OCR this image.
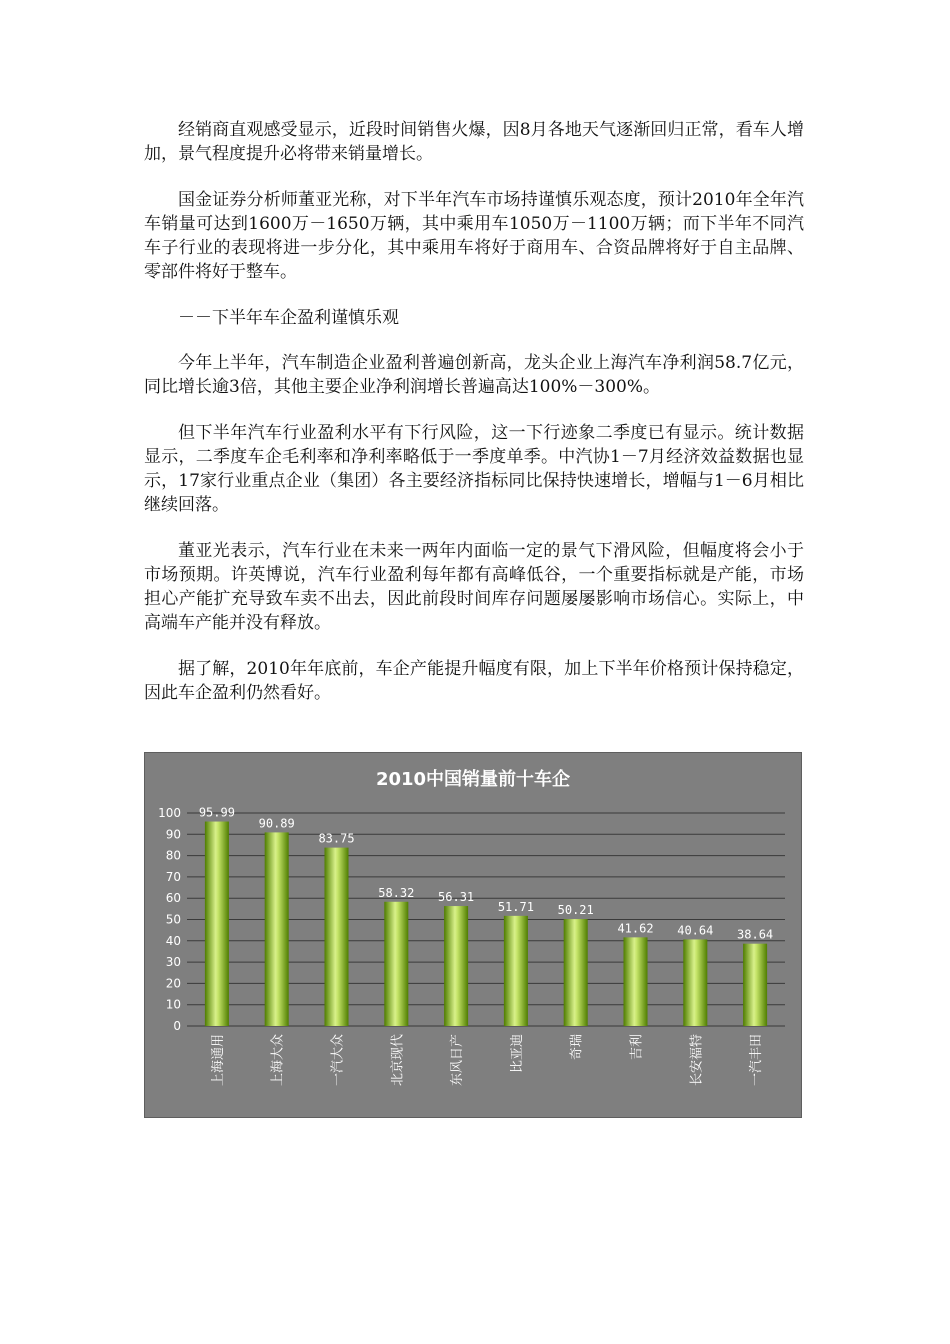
经销商直观感受显示，近段时间销售火爆，因8月各地天气逐渐回归正常，看车人增加，景气程度提升必将带来销量增长。

国金证券分析师董亚光称，对下半年汽车市场持谨慎乐观态度，预计2010年全年汽车销量可达到1600万－1650万辆，其中乘用车1050万－1100万辆；而下半年不同汽车子行业的表现将进一步分化，其中乘用车将好于商用车、合资品牌将好于自主品牌、零部件将好于整车。

－－下半年车企盈利谨慎乐观

今年上半年，汽车制造企业盈利普遍创新高，龙头企业上海汽车净利润58.7亿元，同比增长逾3倍，其他主要企业净利润增长普遍高达100%－300%。

但下半年汽车行业盈利水平有下行风险，这一下行迹象二季度已有显示。统计数据显示，二季度车企毛利率和净利率略低于一季度单季。中汽协1－7月经济效益数据也显示，17家行业重点企业（集团）各主要经济指标同比保持快速增长，增幅与1－6月相比继续回落。

董亚光表示，汽车行业在未来一两年内面临一定的景气下滑风险，但幅度将会小于市场预期。许英博说，汽车行业盈利每年都有高峰低谷，一个重要指标就是产能，市场担心产能扩充导致车卖不出去，因此前段时间库存问题屡屡影响市场信心。实际上，中高端车产能并没有释放。

据了解，2010年年底前，车企产能提升幅度有限，加上下半年价格预计保持稳定，因此车企盈利仍然看好。

2010中国销量前十车企
0
10
20
30
40
50
60
70
80
90
100 95.99
90.89
83.75
58.32 56.31
51.71 50.21
41.62 40.64 38.64
上海通用	上海大众	一汽大众	北京现代	东风日产	比亚迪	奇瑞	吉利	长安福特	一汽丰田
